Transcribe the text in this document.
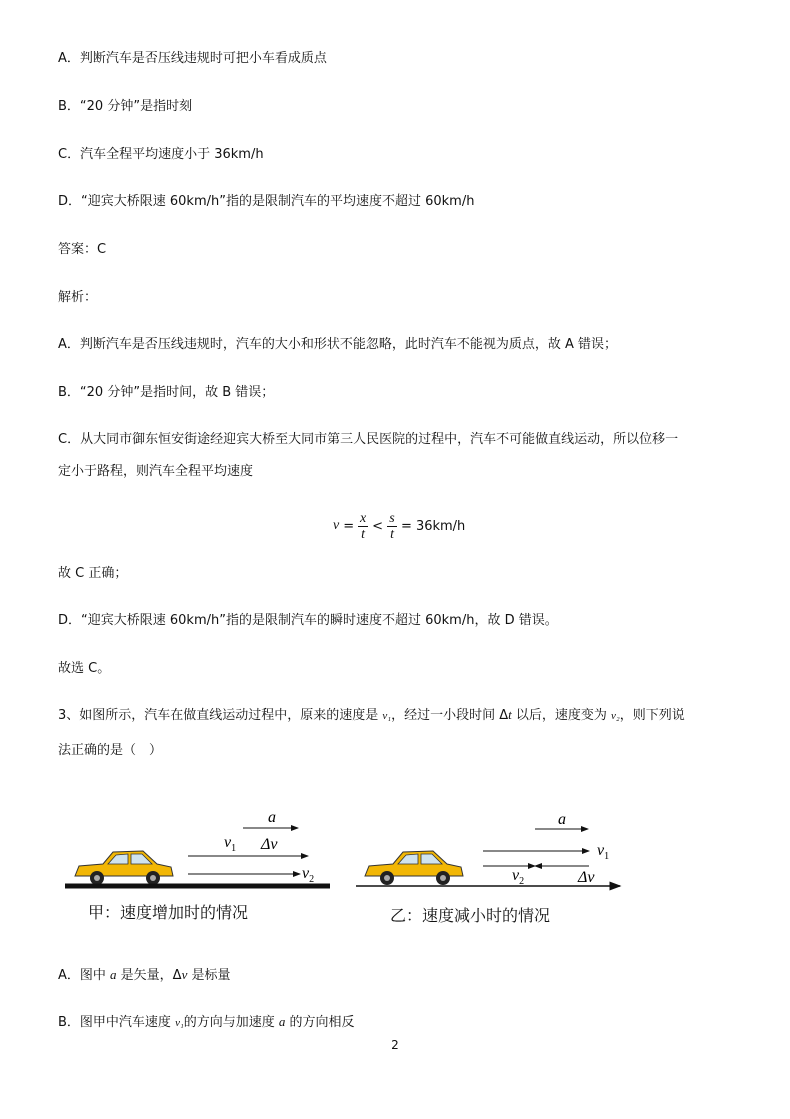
A．判断汽车是否压线违规时可把小车看成质点
B．“20 分钟”是指时刻
C．汽车全程平均速度小于 36km/h
D．“迎宾大桥限速 60km/h”指的是限制汽车的平均速度不超过 60km/h
答案：C
解析：
A．判断汽车是否压线违规时，汽车的大小和形状不能忽略，此时汽车不能视为质点，故 A 错误；
B．“20 分钟”是指时间，故 B 错误；
C．从大同市御东恒安街途经迎宾大桥至大同市第三人民医院的过程中，汽车不可能做直线运动，所以位移一
定小于路程，则汽车全程平均速度
$v = \frac{x}{t} < \frac{s}{t} = 36km/h$
故 C 正确；
D．“迎宾大桥限速 60km/h”指的是限制汽车的瞬时速度不超过 60km/h，故 D 错误。
故选 C。
3、如图所示，汽车在做直线运动过程中，原来的速度是 v₁，经过一小段时间 Δt 以后，速度变为 v₂，则下列说
法正确的是（　）
a
$v_1$ Δv
$v_2$
a
$v_1$
$v_2$	Δv
甲：速度增加时的情况	乙：速度减小时的情况
A．图中 a 是矢量，Δv 是标量
B．图甲中汽车速度 v₁的方向与加速度 a 的方向相反
2
